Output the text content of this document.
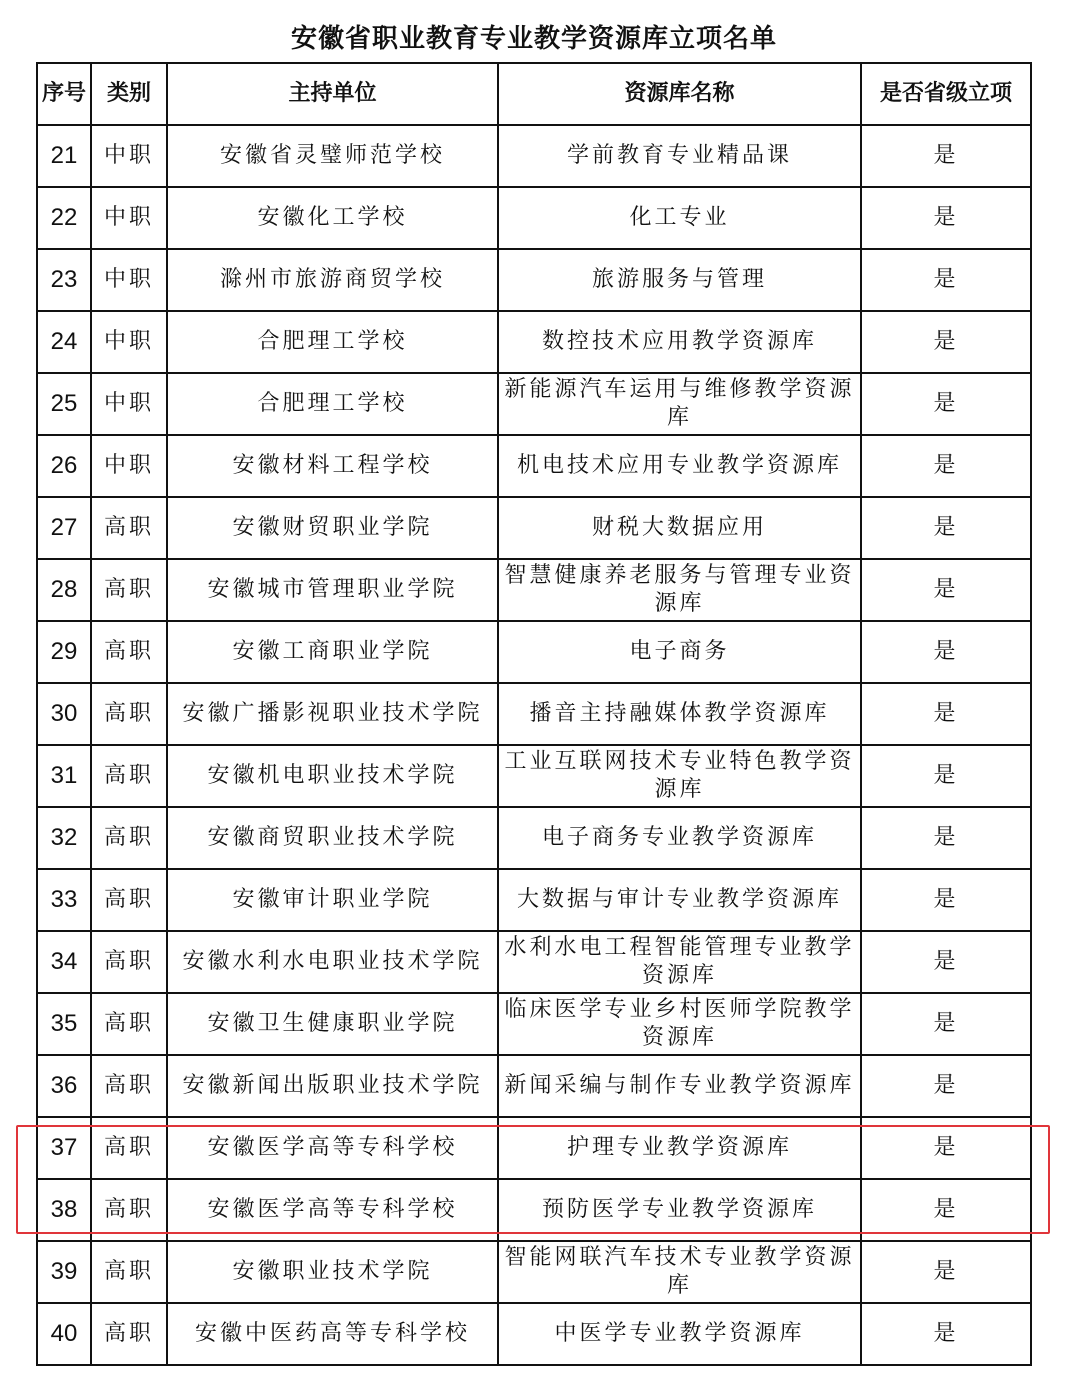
安徽省职业教育专业教学资源库立项名单
序号	类别	主持单位	资源库名称	是否省级立项
21	中职	安徽省灵璧师范学校	学前教育专业精品课	是
22	中职	安徽化工学校	化工专业	是
23	中职	滁州市旅游商贸学校	旅游服务与管理	是
24	中职	合肥理工学校	数控技术应用教学资源库	是
25	中职	合肥理工学校	新能源汽车运用与维修教学资源库	是
26	中职	安徽材料工程学校	机电技术应用专业教学资源库	是
27	高职	安徽财贸职业学院	财税大数据应用	是
28	高职	安徽城市管理职业学院	智慧健康养老服务与管理专业资源库	是
29	高职	安徽工商职业学院	电子商务	是
30	高职	安徽广播影视职业技术学院	播音主持融媒体教学资源库	是
31	高职	安徽机电职业技术学院	工业互联网技术专业特色教学资源库	是
32	高职	安徽商贸职业技术学院	电子商务专业教学资源库	是
33	高职	安徽审计职业学院	大数据与审计专业教学资源库	是
34	高职	安徽水利水电职业技术学院	水利水电工程智能管理专业教学资源库	是
35	高职	安徽卫生健康职业学院	临床医学专业乡村医师学院教学资源库	是
36	高职	安徽新闻出版职业技术学院	新闻采编与制作专业教学资源库	是
37	高职	安徽医学高等专科学校	护理专业教学资源库	是
38	高职	安徽医学高等专科学校	预防医学专业教学资源库	是
39	高职	安徽职业技术学院	智能网联汽车技术专业教学资源库	是
40	高职	安徽中医药高等专科学校	中医学专业教学资源库	是
